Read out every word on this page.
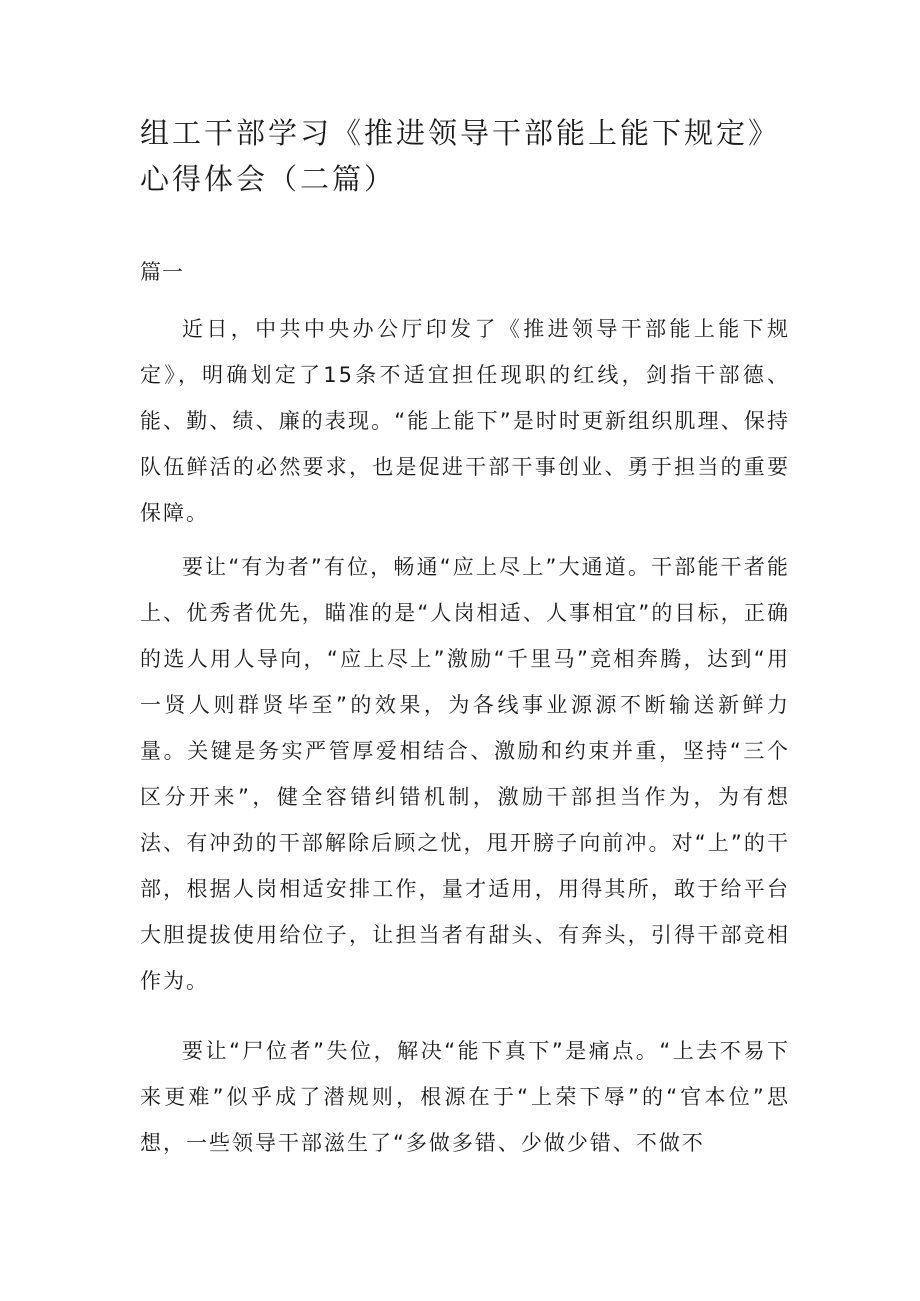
组工干部学习《推进领导干部能上能下规定》心得体会（二篇）

篇一

近日，中共中央办公厅印发了《推进领导干部能上能下规定》，明确划定了15条不适宜担任现职的红线，剑指干部德、能、勤、绩、廉的表现。“能上能下”是时时更新组织肌理、保持队伍鲜活的必然要求，也是促进干部干事创业、勇于担当的重要保障。

要让“有为者”有位，畅通“应上尽上”大通道。干部能干者能上、优秀者优先，瞄准的是“人岗相适、人事相宜”的目标，正确的选人用人导向，“应上尽上”激励“千里马”竞相奔腾，达到“用一贤人则群贤毕至”的效果，为各线事业源源不断输送新鲜力量。关键是务实严管厚爱相结合、激励和约束并重，坚持“三个区分开来”，健全容错纠错机制，激励干部担当作为，为有想法、有冲劲的干部解除后顾之忧，甩开膀子向前冲。对“上”的干部，根据人岗相适安排工作，量才适用，用得其所，敢于给平台大胆提拔使用给位子，让担当者有甜头、有奔头，引得干部竞相作为。

要让“尸位者”失位，解决“能下真下”是痛点。“上去不易下来更难”似乎成了潜规则，根源在于“上荣下辱”的“官本位”思想，一些领导干部滋生了“多做多错、少做少错、不做不
